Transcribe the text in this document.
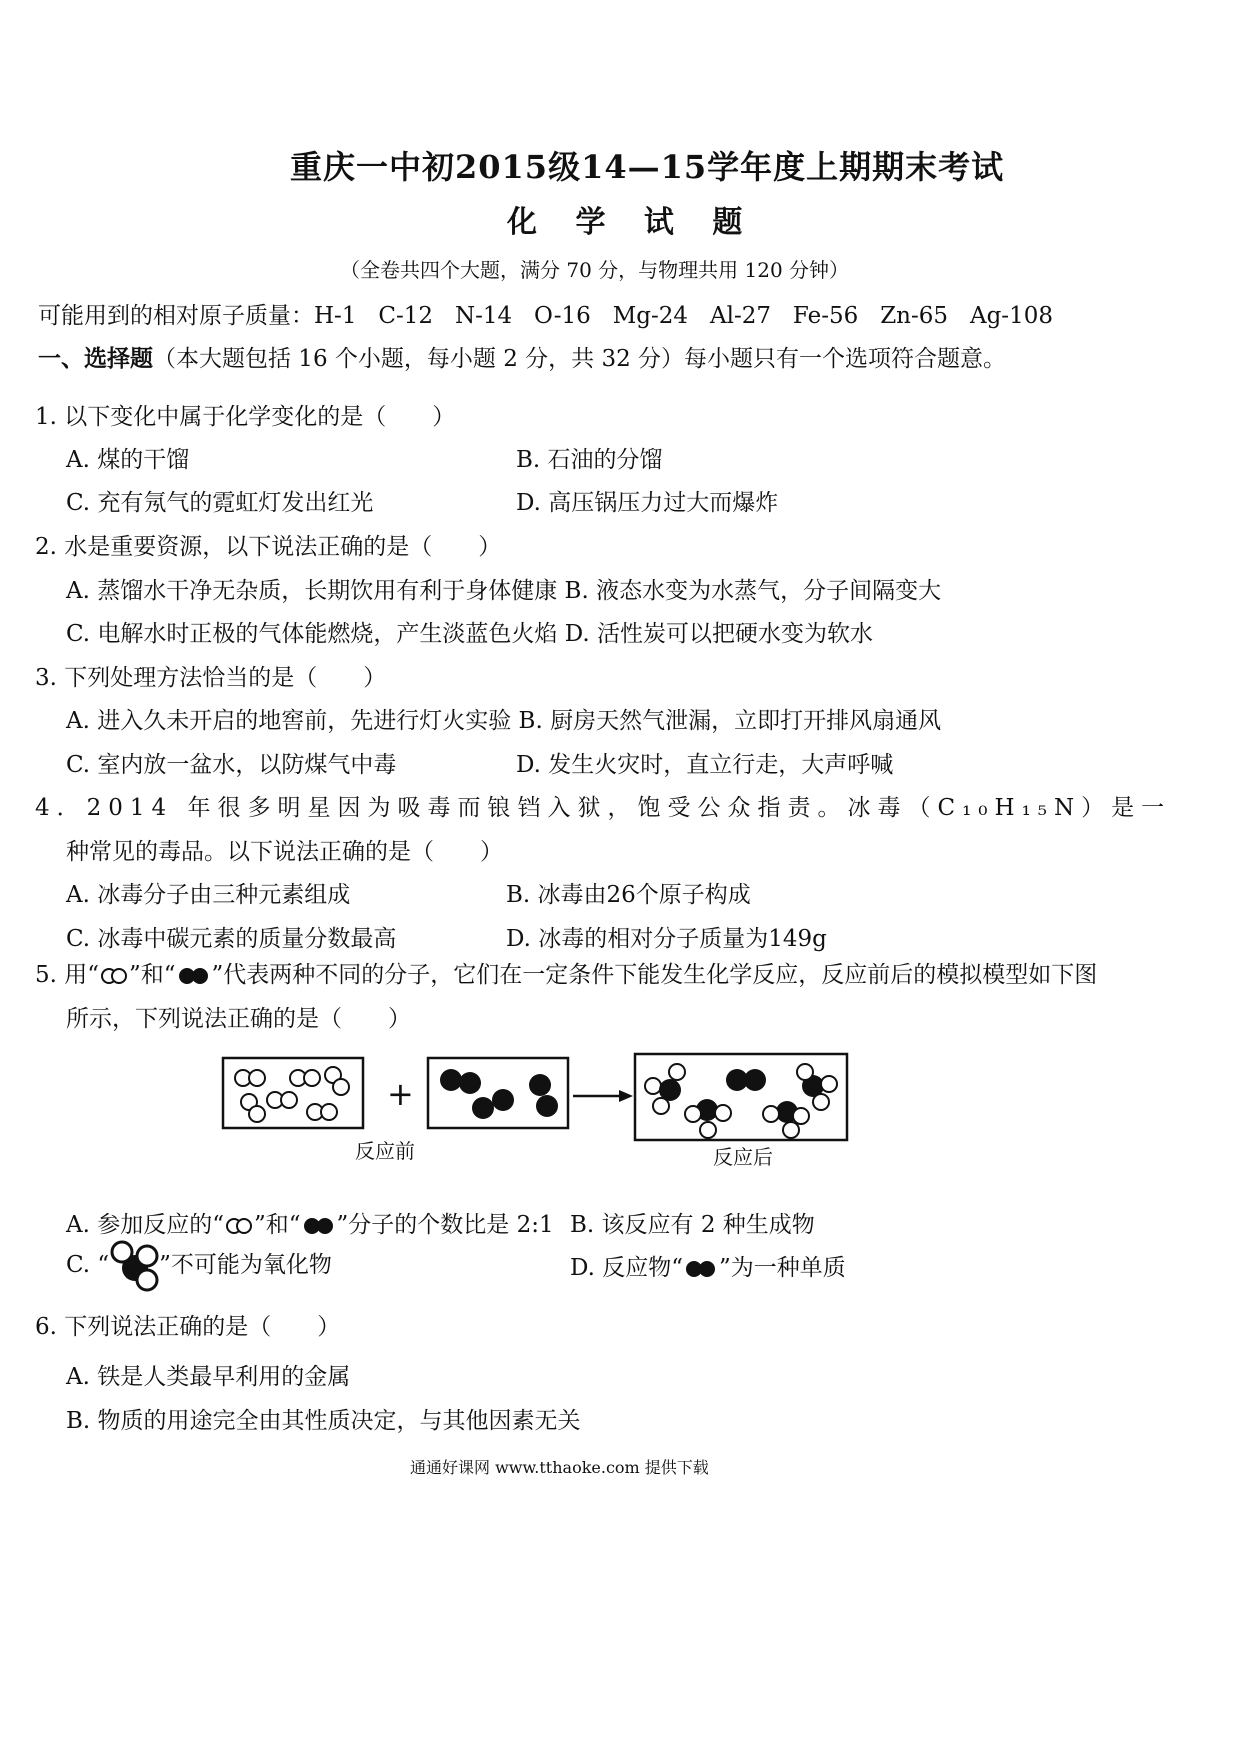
重庆一中初2015级14—15学年度上期期末考试
化 学 试 题
（全卷共四个大题，满分 70 分，与物理共用 120 分钟）
可能用到的相对原子质量：H-1   C-12   N-14   O-16   Mg-24   Al-27   Fe-56   Zn-65   Ag-108
一、选择题（本大题包括 16 个小题，每小题 2 分，共 32 分）每小题只有一个选项符合题意。
1. 以下变化中属于化学变化的是（　　）
A. 煤的干馏	B. 石油的分馏
C. 充有氖气的霓虹灯发出红光	D. 高压锅压力过大而爆炸
2. 水是重要资源，以下说法正确的是（　　）
A. 蒸馏水干净无杂质，长期饮用有利于身体健康 B. 液态水变为水蒸气，分子间隔变大
C. 电解水时正极的气体能燃烧，产生淡蓝色火焰 D. 活性炭可以把硬水变为软水
3. 下列处理方法恰当的是（　　）
A. 进入久未开启的地窖前，先进行灯火实验 B. 厨房天然气泄漏，立即打开排风扇通风
C. 室内放一盆水，以防煤气中毒	D. 发生火灾时，直立行走，大声呼喊
4．2014 年很多明星因为吸毒而锒铛入狱，饱受公众指责。冰毒（C₁₀H₁₅N）是一
种常见的毒品。以下说法正确的是（　　）
A. 冰毒分子由三种元素组成	B. 冰毒由26个原子构成
C. 冰毒中碳元素的质量分数最高	D. 冰毒的相对分子质量为149g
5. 用“ ”和“ ”代表两种不同的分子，它们在一定条件下能发生化学反应，反应前后的模拟模型如下图
所示，下列说法正确的是（　　）
+
反应前	反应后
A. 参加反应的“ ”和“ ”分子的个数比是 2:1 B. 该反应有 2 种生成物
C. “ ”不可能为氧化物	D. 反应物“ ”为一种单质
6. 下列说法正确的是（　　）
A. 铁是人类最早利用的金属
B. 物质的用途完全由其性质决定，与其他因素无关
通通好课网 www.tthaoke.com 提供下载
